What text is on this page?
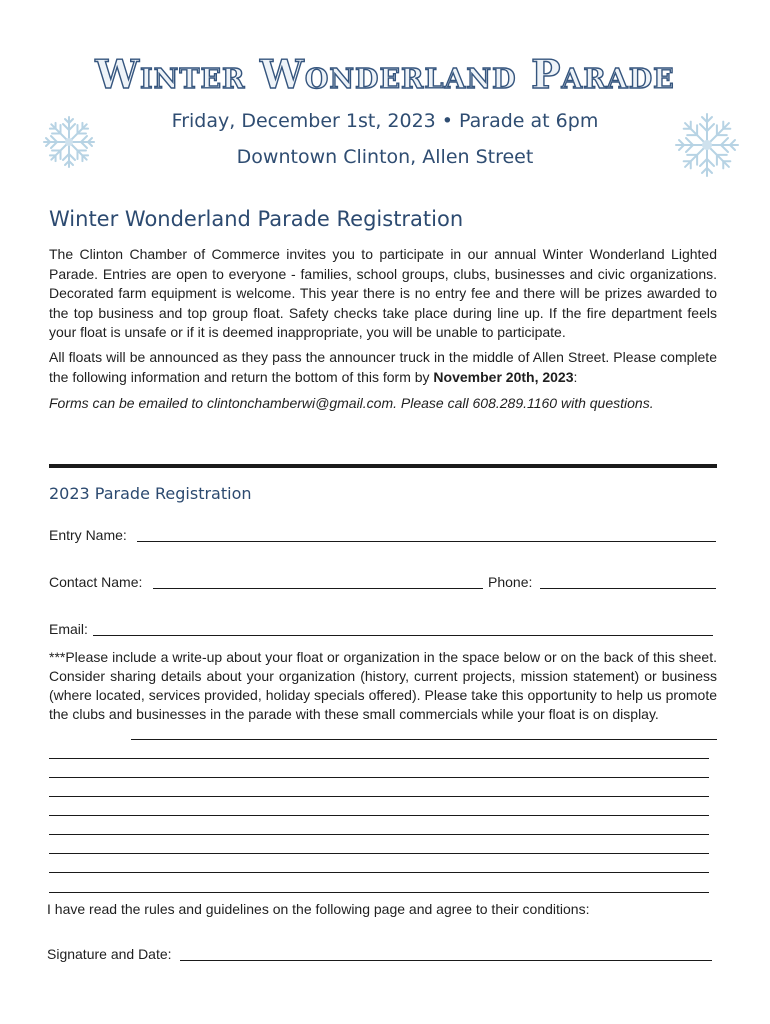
Winter Wonderland Parade
Friday, December 1st, 2023 • Parade at 6pm
Downtown Clinton, Allen Street
Winter Wonderland Parade Registration
The Clinton Chamber of Commerce invites you to participate in our annual Winter Wonderland Lighted Parade. Entries are open to everyone - families, school groups, clubs, businesses and civic organizations. Decorated farm equipment is welcome. This year there is no entry fee and there will be prizes awarded to the top business and top group float. Safety checks take place during line up. If the fire department feels your float is unsafe or if it is deemed inappropriate, you will be unable to participate.
All floats will be announced as they pass the announcer truck in the middle of Allen Street. Please complete the following information and return the bottom of this form by November 20th, 2023:
Forms can be emailed to clintonchamberwi@gmail.com. Please call 608.289.1160 with questions.
2023 Parade Registration
Entry Name:
Contact Name:	Phone:
Email:
***Please include a write-up about your float or organization in the space below or on the back of this sheet. Consider sharing details about your organization (history, current projects, mission statement) or business (where located, services provided, holiday specials offered). Please take this opportunity to help us promote the clubs and businesses in the parade with these small commercials while your float is on display.
I have read the rules and guidelines on the following page and agree to their conditions:
Signature and Date:
